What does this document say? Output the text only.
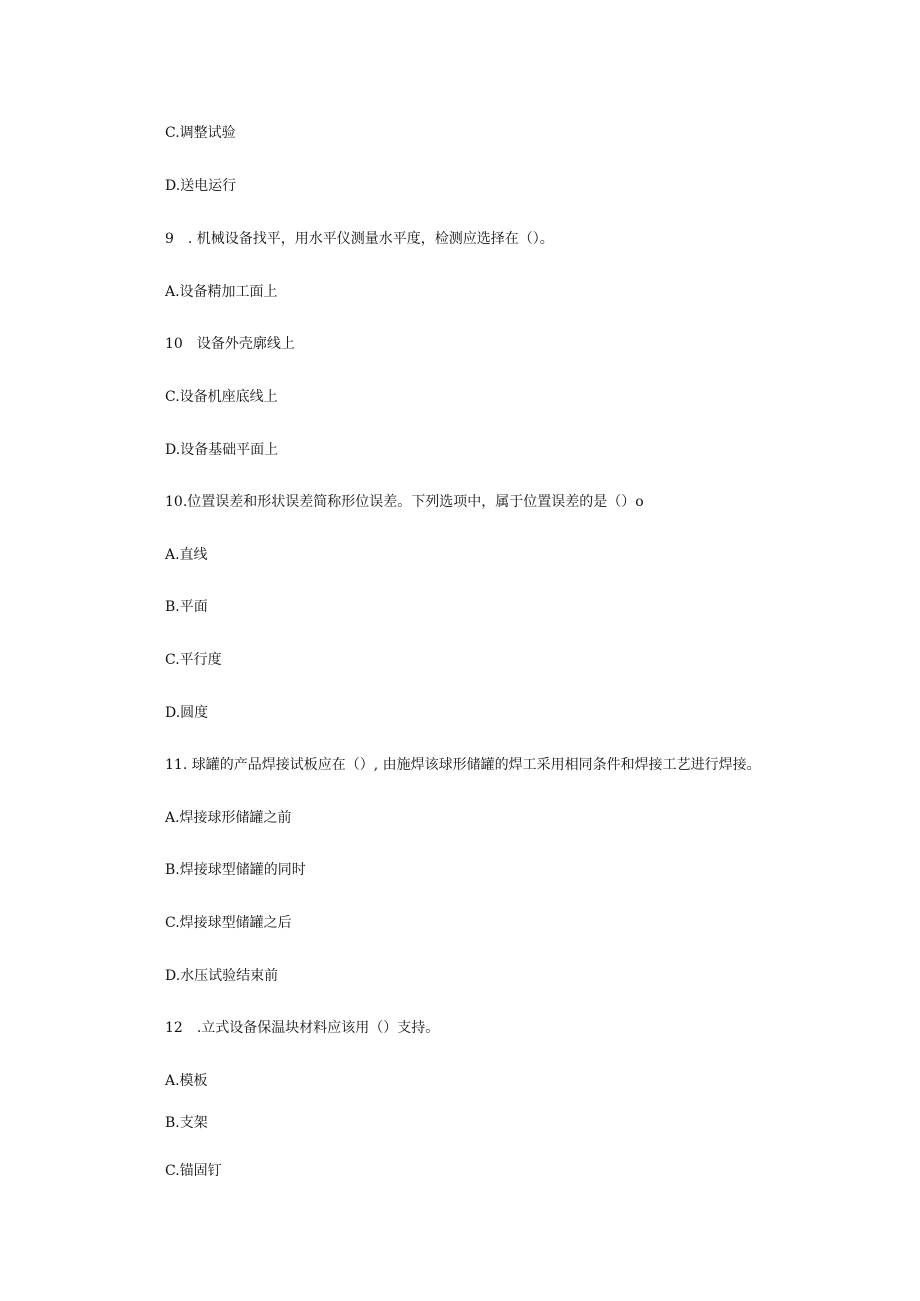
C.调整试验
D.送电运行
9　. 机械设备找平，用水平仪测量水平度，检测应选择在（）。
A.设备精加工面上
10　设备外壳廓线上
C.设备机座底线上
D.设备基础平面上
10.位置误差和形状误差简称形位误差。下列选项中，属于位置误差的是（）o
A.直线
B.平面
C.平行度
D.圆度
11. 球罐的产品焊接试板应在（）, 由施焊该球形储罐的焊工采用相同条件和焊接工艺进行焊接。
A.焊接球形储罐之前
B.焊接球型储罐的同时
C.焊接球型储罐之后
D.水压试验结束前
12　.立式设备保温块材料应该用（）支持。
A.模板
B.支架
C.锚固钉
